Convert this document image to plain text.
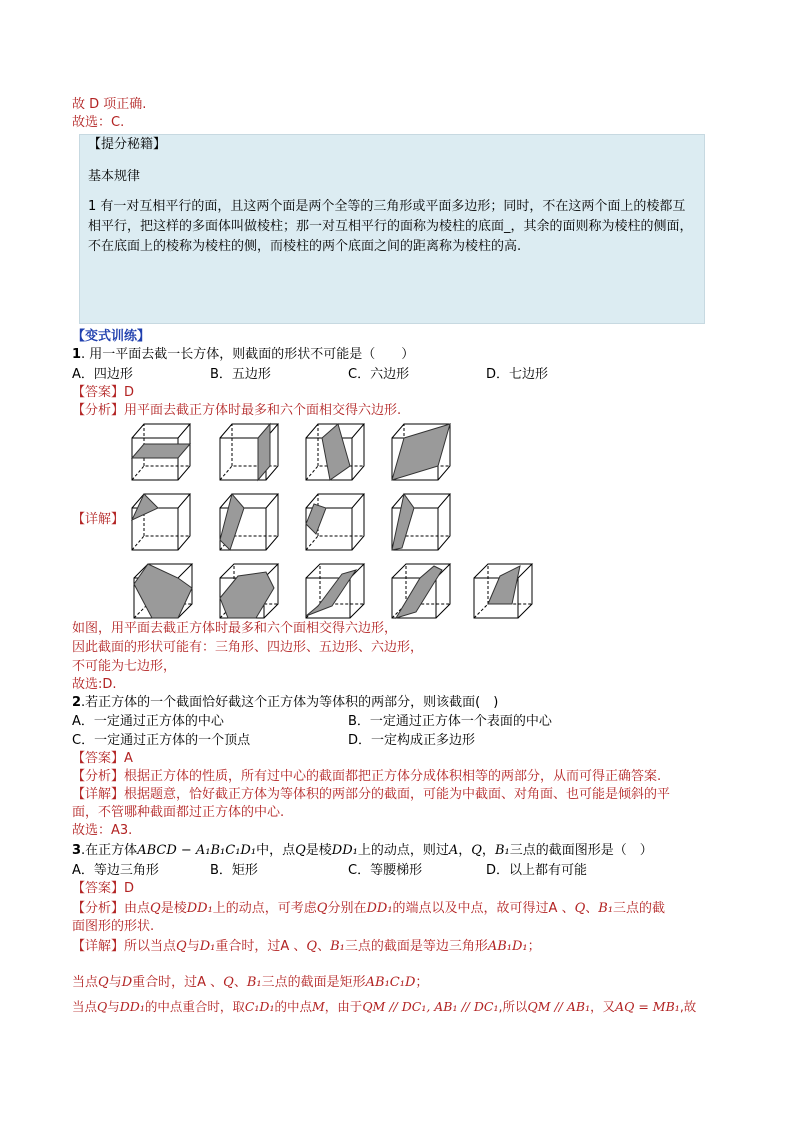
故 D 项正确.
故选：C.
【提分秘籍】
基本规律
1 有一对互相平行的面，且这两个面是两个全等的三角形或平面多边形；同时，不在这两个面上的棱都互相平行，把这样的多面体叫做棱柱；那一对互相平行的面称为棱柱的底面_，其余的面则称为棱柱的侧面，不在底面上的棱称为棱柱的侧，而棱柱的两个底面之间的距离称为棱柱的高.
【变式训练】
1. 用一平面去截一长方体，则截面的形状不可能是（　　）
A．四边形	B．五边形	C．六边形	D．七边形
【答案】D
【分析】用平面去截正方体时最多和六个面相交得六边形.
【详解】
如图，用平面去截正方体时最多和六个面相交得六边形，
因此截面的形状可能有：三角形、四边形、五边形、六边形，
不可能为七边形，
故选:D.
2.若正方体的一个截面恰好截这个正方体为等体积的两部分，则该截面(　)
A．一定通过正方体的中心	B．一定通过正方体一个表面的中心
C．一定通过正方体的一个顶点	D．一定构成正多边形
【答案】A
【分析】根据正方体的性质，所有过中心的截面都把正方体分成体积相等的两部分，从而可得正确答案.
【详解】根据题意，恰好截正方体为等体积的两部分的截面，可能为中截面、对角面、也可能是倾斜的平
面，不管哪种截面都过正方体的中心.
故选：A3.
3.在正方体ABCD − A₁B₁C₁D₁中，点Q是棱DD₁上的动点，则过A，Q，B₁三点的截面图形是（　）
A．等边三角形	B．矩形	C．等腰梯形	D．以上都有可能
【答案】D
【分析】由点Q是棱DD₁上的动点，可考虑Q分别在DD₁的端点以及中点，故可得过A 、Q、B₁三点的截
面图形的形状.
【详解】所以当点Q与D₁重合时，过A 、Q、B₁三点的截面是等边三角形AB₁D₁；
当点Q与D重合时，过A 、Q、B₁三点的截面是矩形AB₁C₁D；
当点Q与DD₁的中点重合时，取C₁D₁的中点M，由于QM // DC₁, AB₁ // DC₁,所以QM // AB₁，又AQ = MB₁,故
